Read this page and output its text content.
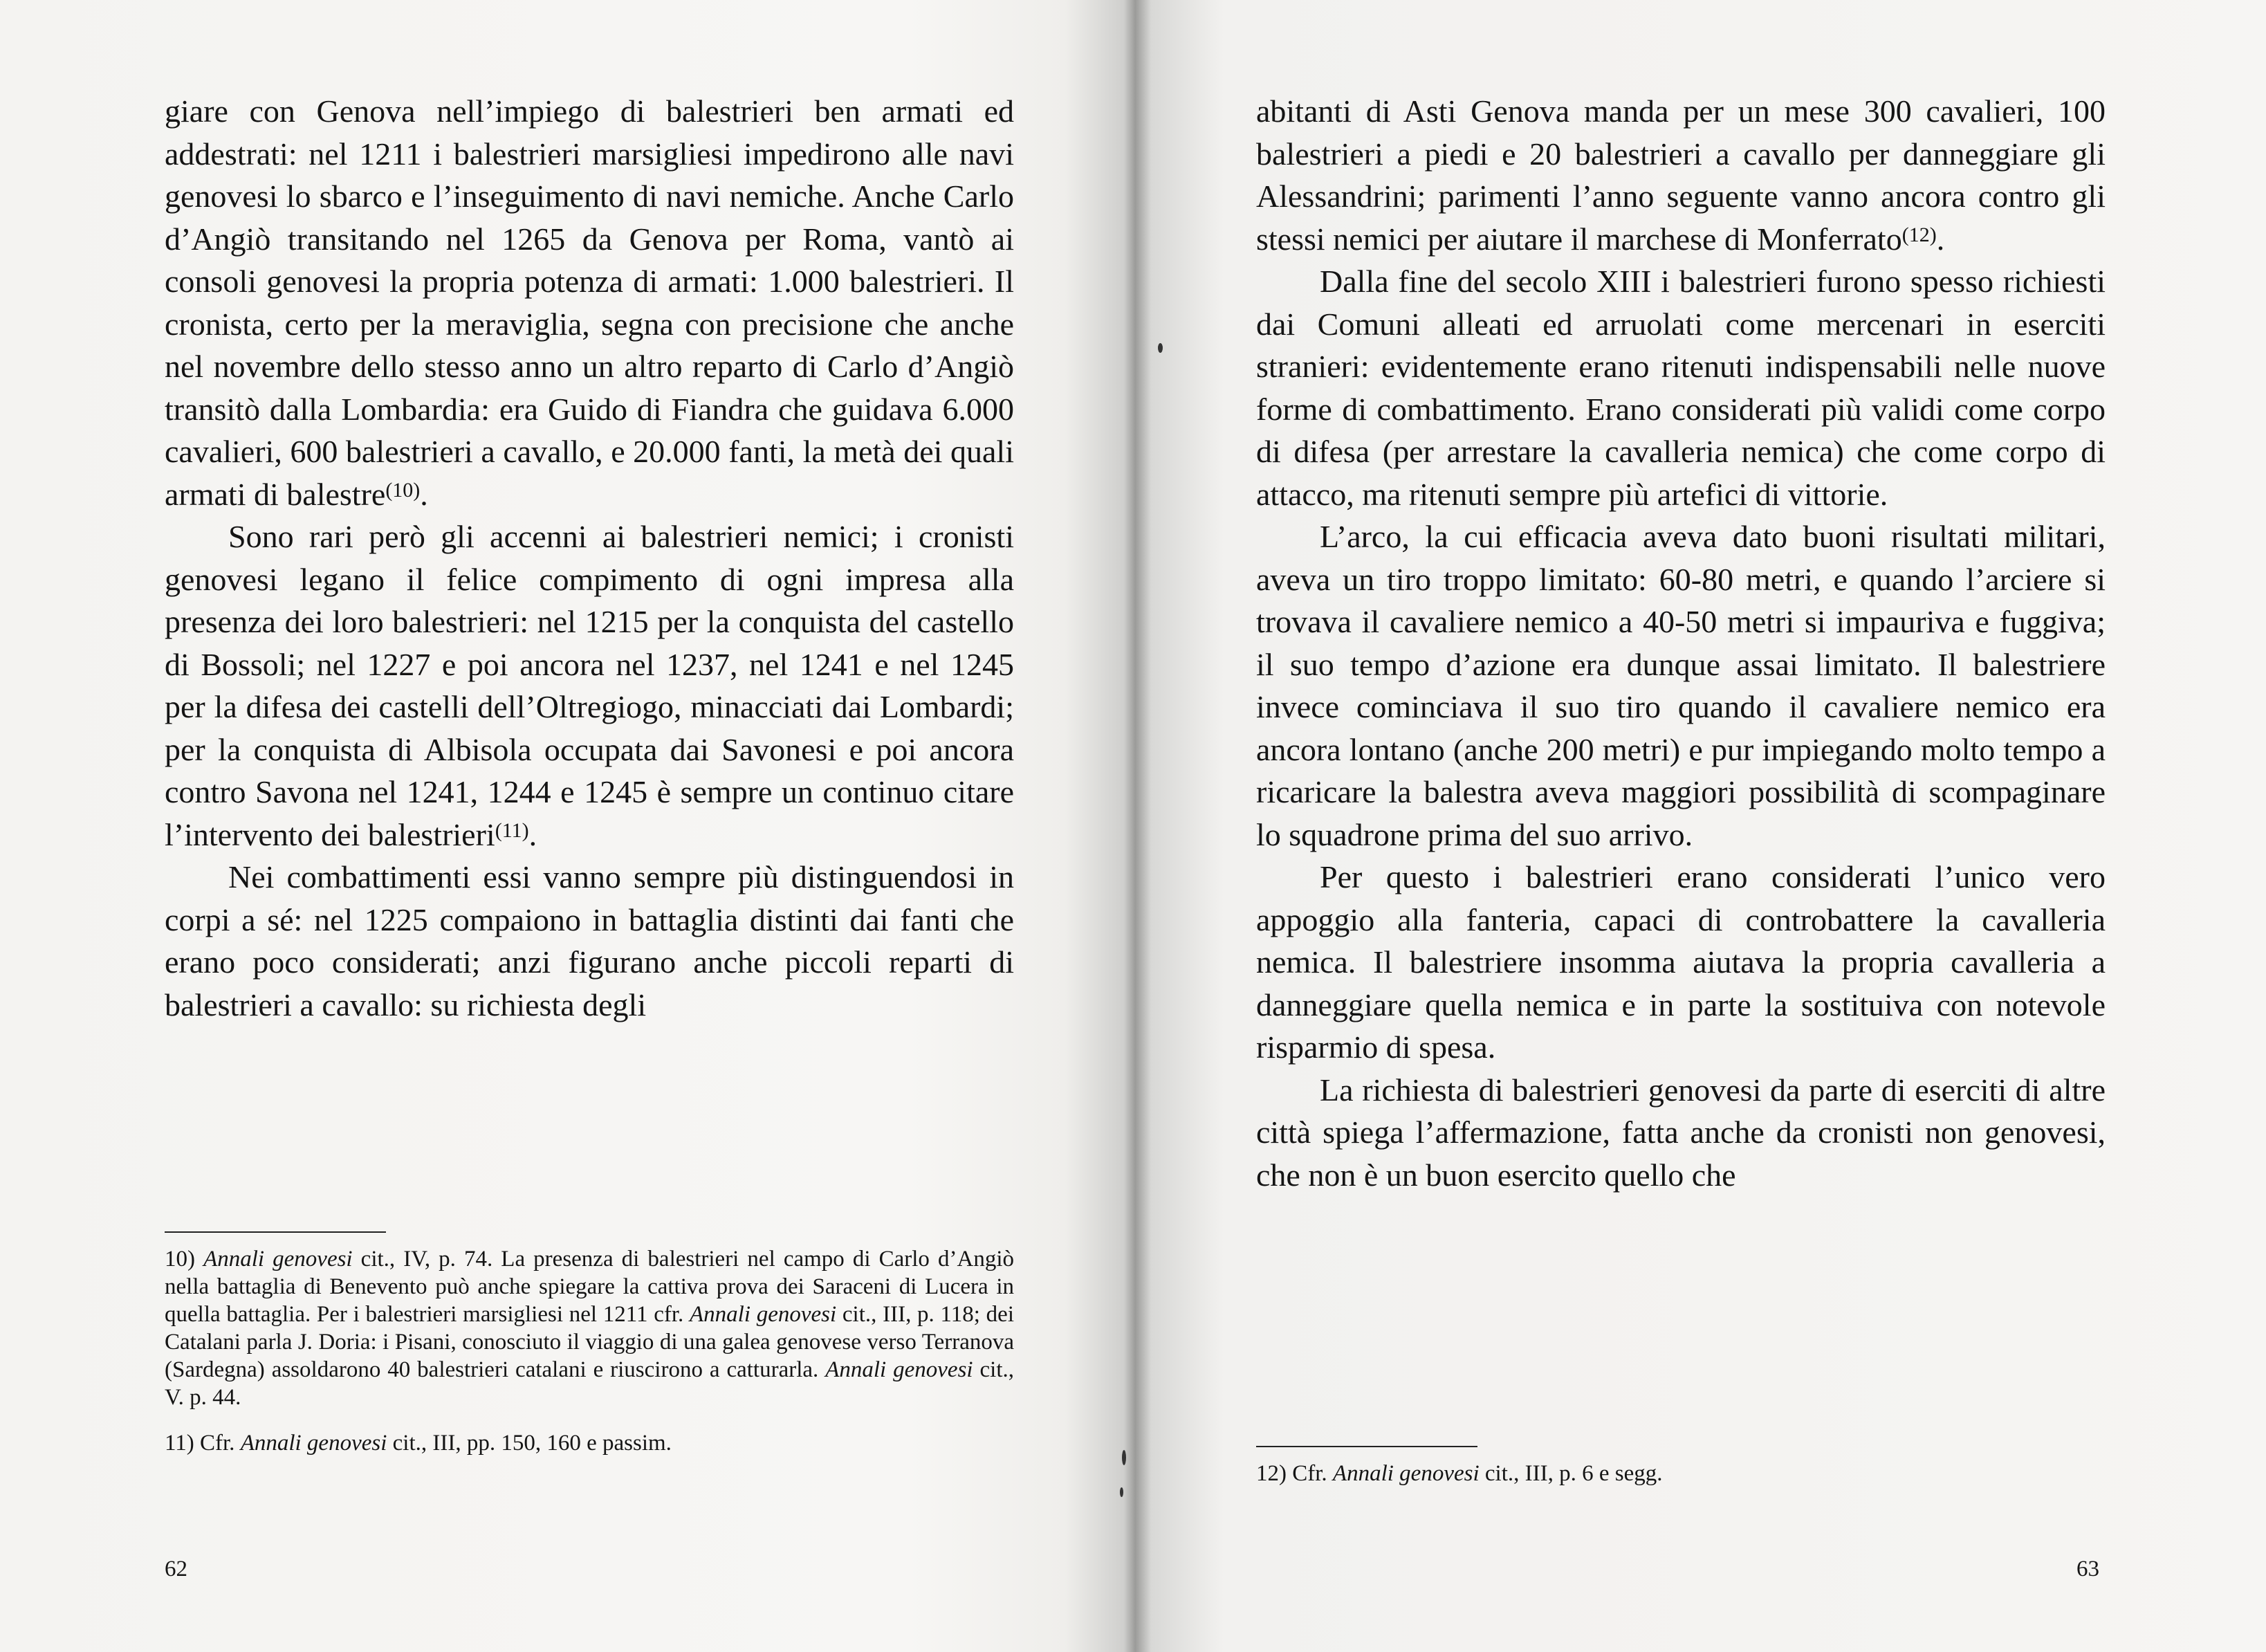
giare con Genova nell’impiego di balestrieri ben armati ed addestrati: nel 1211 i balestrieri marsigliesi impedirono alle navi genovesi lo sbarco e l’inseguimento di navi nemiche. Anche Carlo d’Angiò transitando nel 1265 da Genova per Roma, vantò ai consoli genovesi la propria potenza di armati: 1.000 balestrieri. Il cronista, certo per la meraviglia, segna con precisione che anche nel novembre dello stesso anno un altro reparto di Carlo d’Angiò transitò dalla Lombardia: era Guido di Fiandra che guidava 6.000 cavalieri, 600 balestrieri a cavallo, e 20.000 fanti, la metà dei quali armati di balestre$^{(10)}$.

Sono rari però gli accenni ai balestrieri nemici; i cronisti genovesi legano il felice compimento di ogni impresa alla presenza dei loro balestrieri: nel 1215 per la conquista del castello di Bossoli; nel 1227 e poi ancora nel 1237, nel 1241 e nel 1245 per la difesa dei castelli dell’Oltregiogo, minacciati dai Lombardi; per la conquista di Albisola occupata dai Savonesi e poi ancora contro Savona nel 1241, 1244 e 1245 è sempre un continuo citare l’intervento dei balestrieri$^{(11)}$.

Nei combattimenti essi vanno sempre più distinguendosi in corpi a sé: nel 1225 compaiono in battaglia distinti dai fanti che erano poco considerati; anzi figurano anche piccoli reparti di balestrieri a cavallo: su richiesta degli

10) Annali genovesi cit., IV, p. 74. La presenza di balestrieri nel campo di Carlo d’Angiò nella battaglia di Benevento può anche spiegare la cattiva prova dei Saraceni di Lucera in quella battaglia. Per i balestrieri marsigliesi nel 1211 cfr. Annali genovesi cit., III, p. 118; dei Catalani parla J. Doria: i Pisani, conosciuto il viaggio di una galea genovese verso Terranova (Sardegna) assoldarono 40 balestrieri catalani e riuscirono a catturarla. Annali genovesi cit., V. p. 44.

11) Cfr. Annali genovesi cit., III, pp. 150, 160 e passim.

62

abitanti di Asti Genova manda per un mese 300 cavalieri, 100 balestrieri a piedi e 20 balestrieri a cavallo per danneggiare gli Alessandrini; parimenti l’anno seguente vanno ancora contro gli stessi nemici per aiutare il marchese di Monferrato$^{(12)}$.

Dalla fine del secolo XIII i balestrieri furono spesso richiesti dai Comuni alleati ed arruolati come mercenari in eserciti stranieri: evidentemente erano ritenuti indispensabili nelle nuove forme di combattimento. Erano considerati più validi come corpo di difesa (per arrestare la cavalleria nemica) che come corpo di attacco, ma ritenuti sempre più artefici di vittorie.

L’arco, la cui efficacia aveva dato buoni risultati militari, aveva un tiro troppo limitato: 60-80 metri, e quando l’arciere si trovava il cavaliere nemico a 40-50 metri si impauriva e fuggiva; il suo tempo d’azione era dunque assai limitato. Il balestriere invece cominciava il suo tiro quando il cavaliere nemico era ancora lontano (anche 200 metri) e pur impiegando molto tempo a ricaricare la balestra aveva maggiori possibilità di scompaginare lo squadrone prima del suo arrivo.

Per questo i balestrieri erano considerati l’unico vero appoggio alla fanteria, capaci di controbattere la cavalleria nemica. Il balestriere insomma aiutava la propria cavalleria a danneggiare quella nemica e in parte la sostituiva con notevole risparmio di spesa.

La richiesta di balestrieri genovesi da parte di eserciti di altre città spiega l’affermazione, fatta anche da cronisti non genovesi, che non è un buon esercito quello che

12) Cfr. Annali genovesi cit., III, p. 6 e segg.

63
